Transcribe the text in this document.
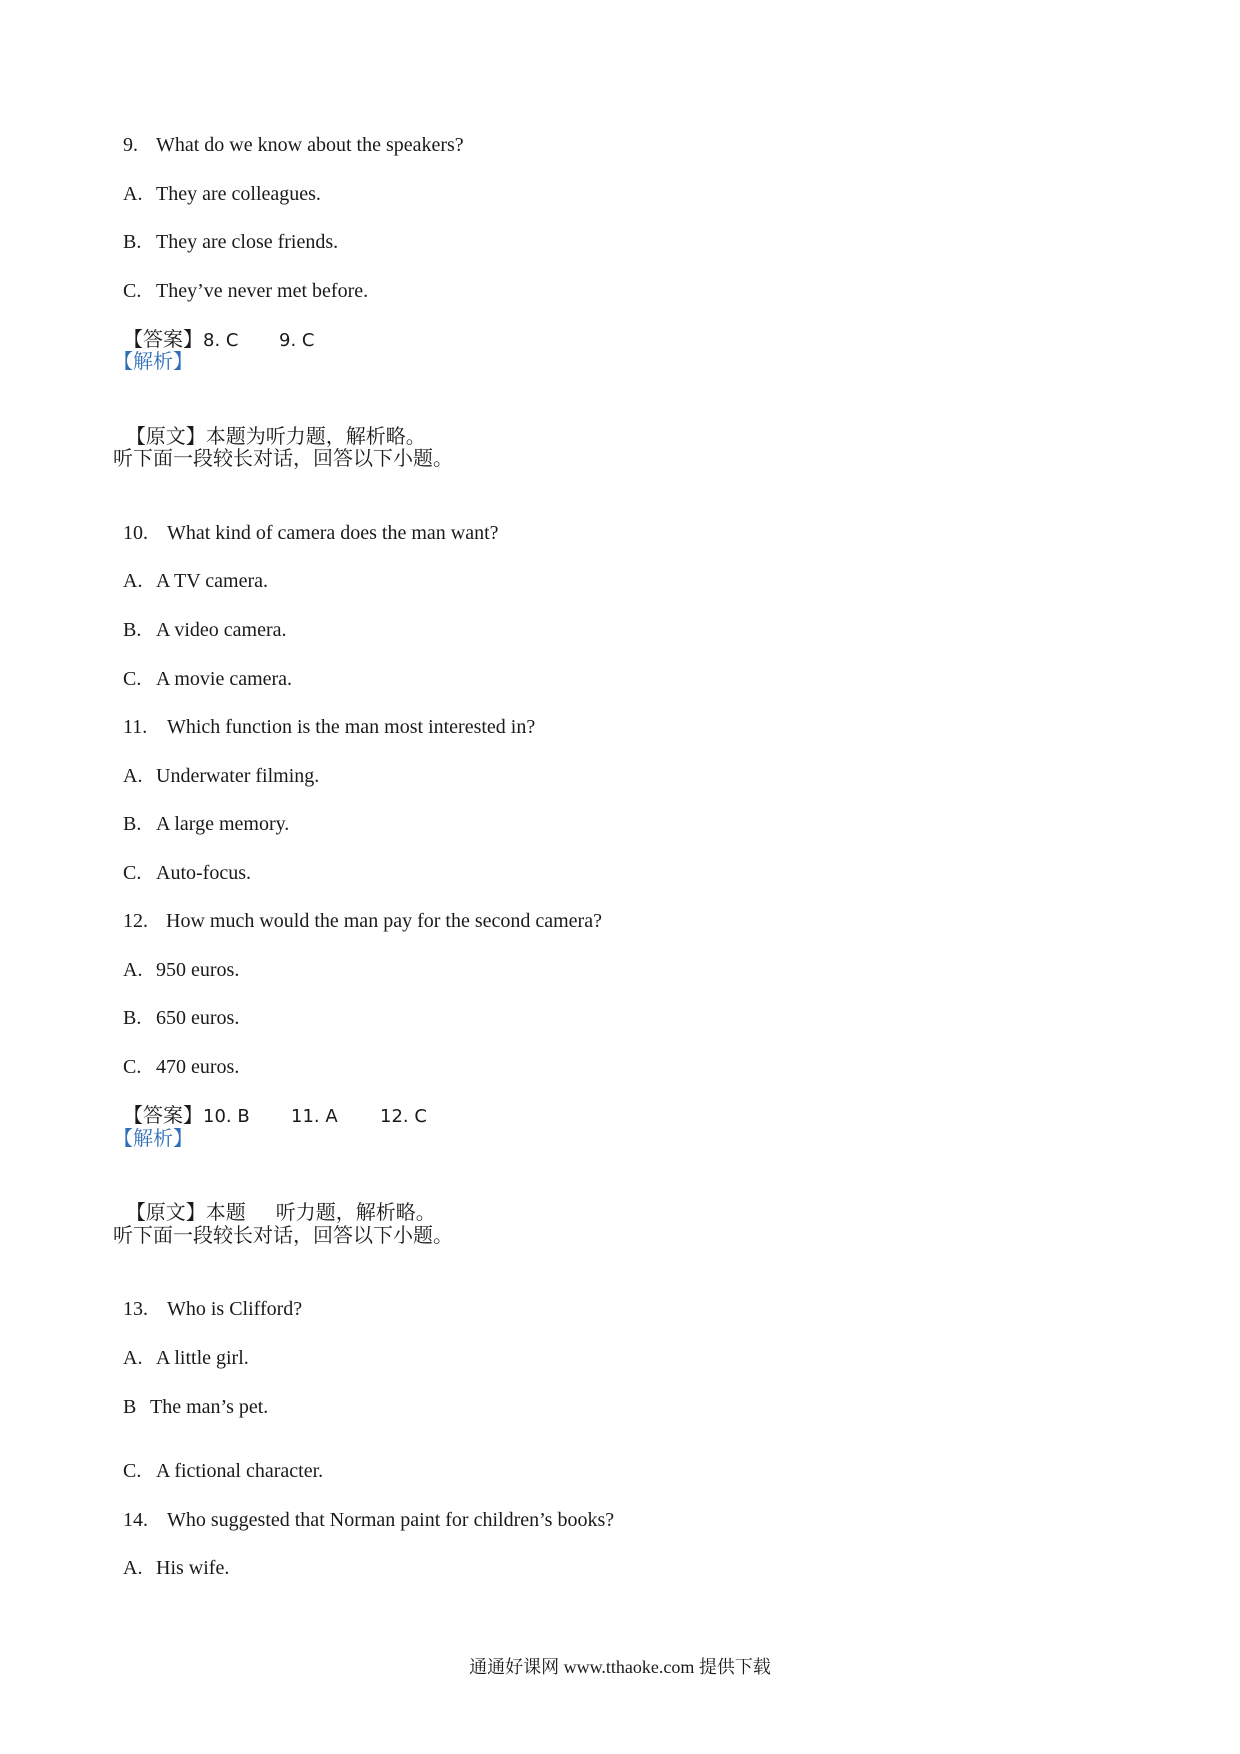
9. What do we know about the speakers?

A. They are colleagues.

B. They are close friends.

C. They’ve never met before.

【答案】8. C 9. C

【解析】

【原文】本题为听力题，解析略。

听下面一段较长对话，回答以下小题。

10. What kind of camera does the man want?

A. A TV camera.

B. A video camera.

C. A movie camera.

11. Which function is the man most interested in?

A. Underwater filming.

B. A large memory.

C. Auto-focus.

12. How much would the man pay for the second camera?

A. 950 euros.

B. 650 euros.

C. 470 euros.

【答案】10. B 11. A 12. C

【解析】

【原文】本题 听力题，解析略。

听下面一段较长对话，回答以下小题。

13. Who is Clifford?

A. A little girl.

B The man’s pet.

C. A fictional character.

14. Who suggested that Norman paint for children’s books?

A. His wife.

通通好课网 www.tthaoke.com 提供下载
